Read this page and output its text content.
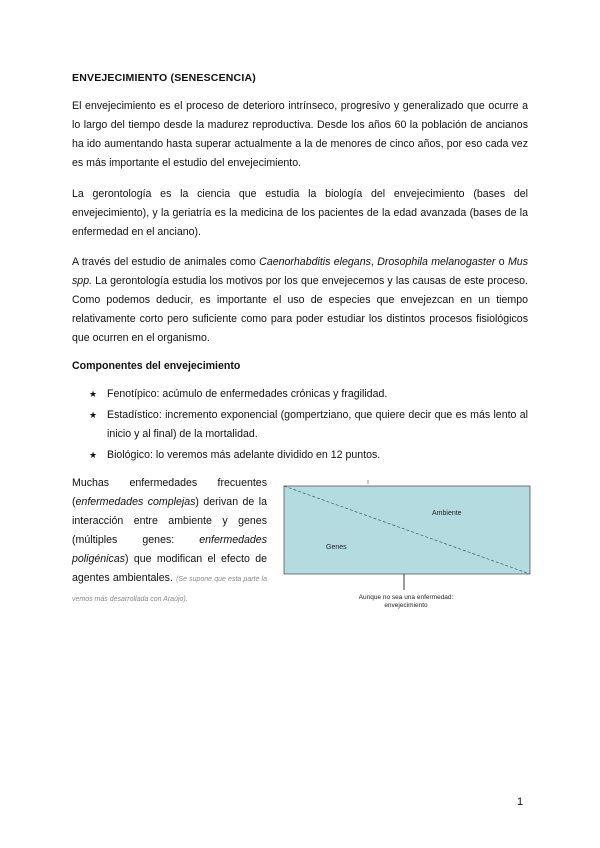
ENVEJECIMIENTO (SENESCENCIA)

El envejecimiento es el proceso de deterioro intrínseco, progresivo y generalizado que ocurre a lo largo del tiempo desde la madurez reproductiva. Desde los años 60 la población de ancianos ha ido aumentando hasta superar actualmente a la de menores de cinco años, por eso cada vez es más importante el estudio del envejecimiento.

La gerontología es la ciencia que estudia la biología del envejecimiento (bases del envejecimiento), y la geriatría es la medicina de los pacientes de la edad avanzada (bases de la enfermedad en el anciano).

A través del estudio de animales como Caenorhabditis elegans, Drosophila melanogaster o Mus spp. La gerontología estudia los motivos por los que envejecemos y las causas de este proceso. Como podemos deducir, es importante el uso de especies que envejezcan en un tiempo relativamente corto pero suficiente como para poder estudiar los distintos procesos fisiológicos que ocurren en el organismo.

Componentes del envejecimiento
★ Fenotípico: acúmulo de enfermedades crónicas y fragilidad.
★ Estadístico: incremento exponencial (gompertziano, que quiere decir que es más lento al inicio y al final) de la mortalidad.
★ Biológico: lo veremos más adelante dividido en 12 puntos.

Muchas enfermedades frecuentes (enfermedades complejas) derivan de la interacción entre ambiente y genes (múltiples genes: enfermedades poligénicas) que modifican el efecto de agentes ambientales. (Se supone que esta parte la vemos más desarrollada con Araújo).

Ambiente
Genes
Aunque no sea una enfermedad:
envejecimiento
1
